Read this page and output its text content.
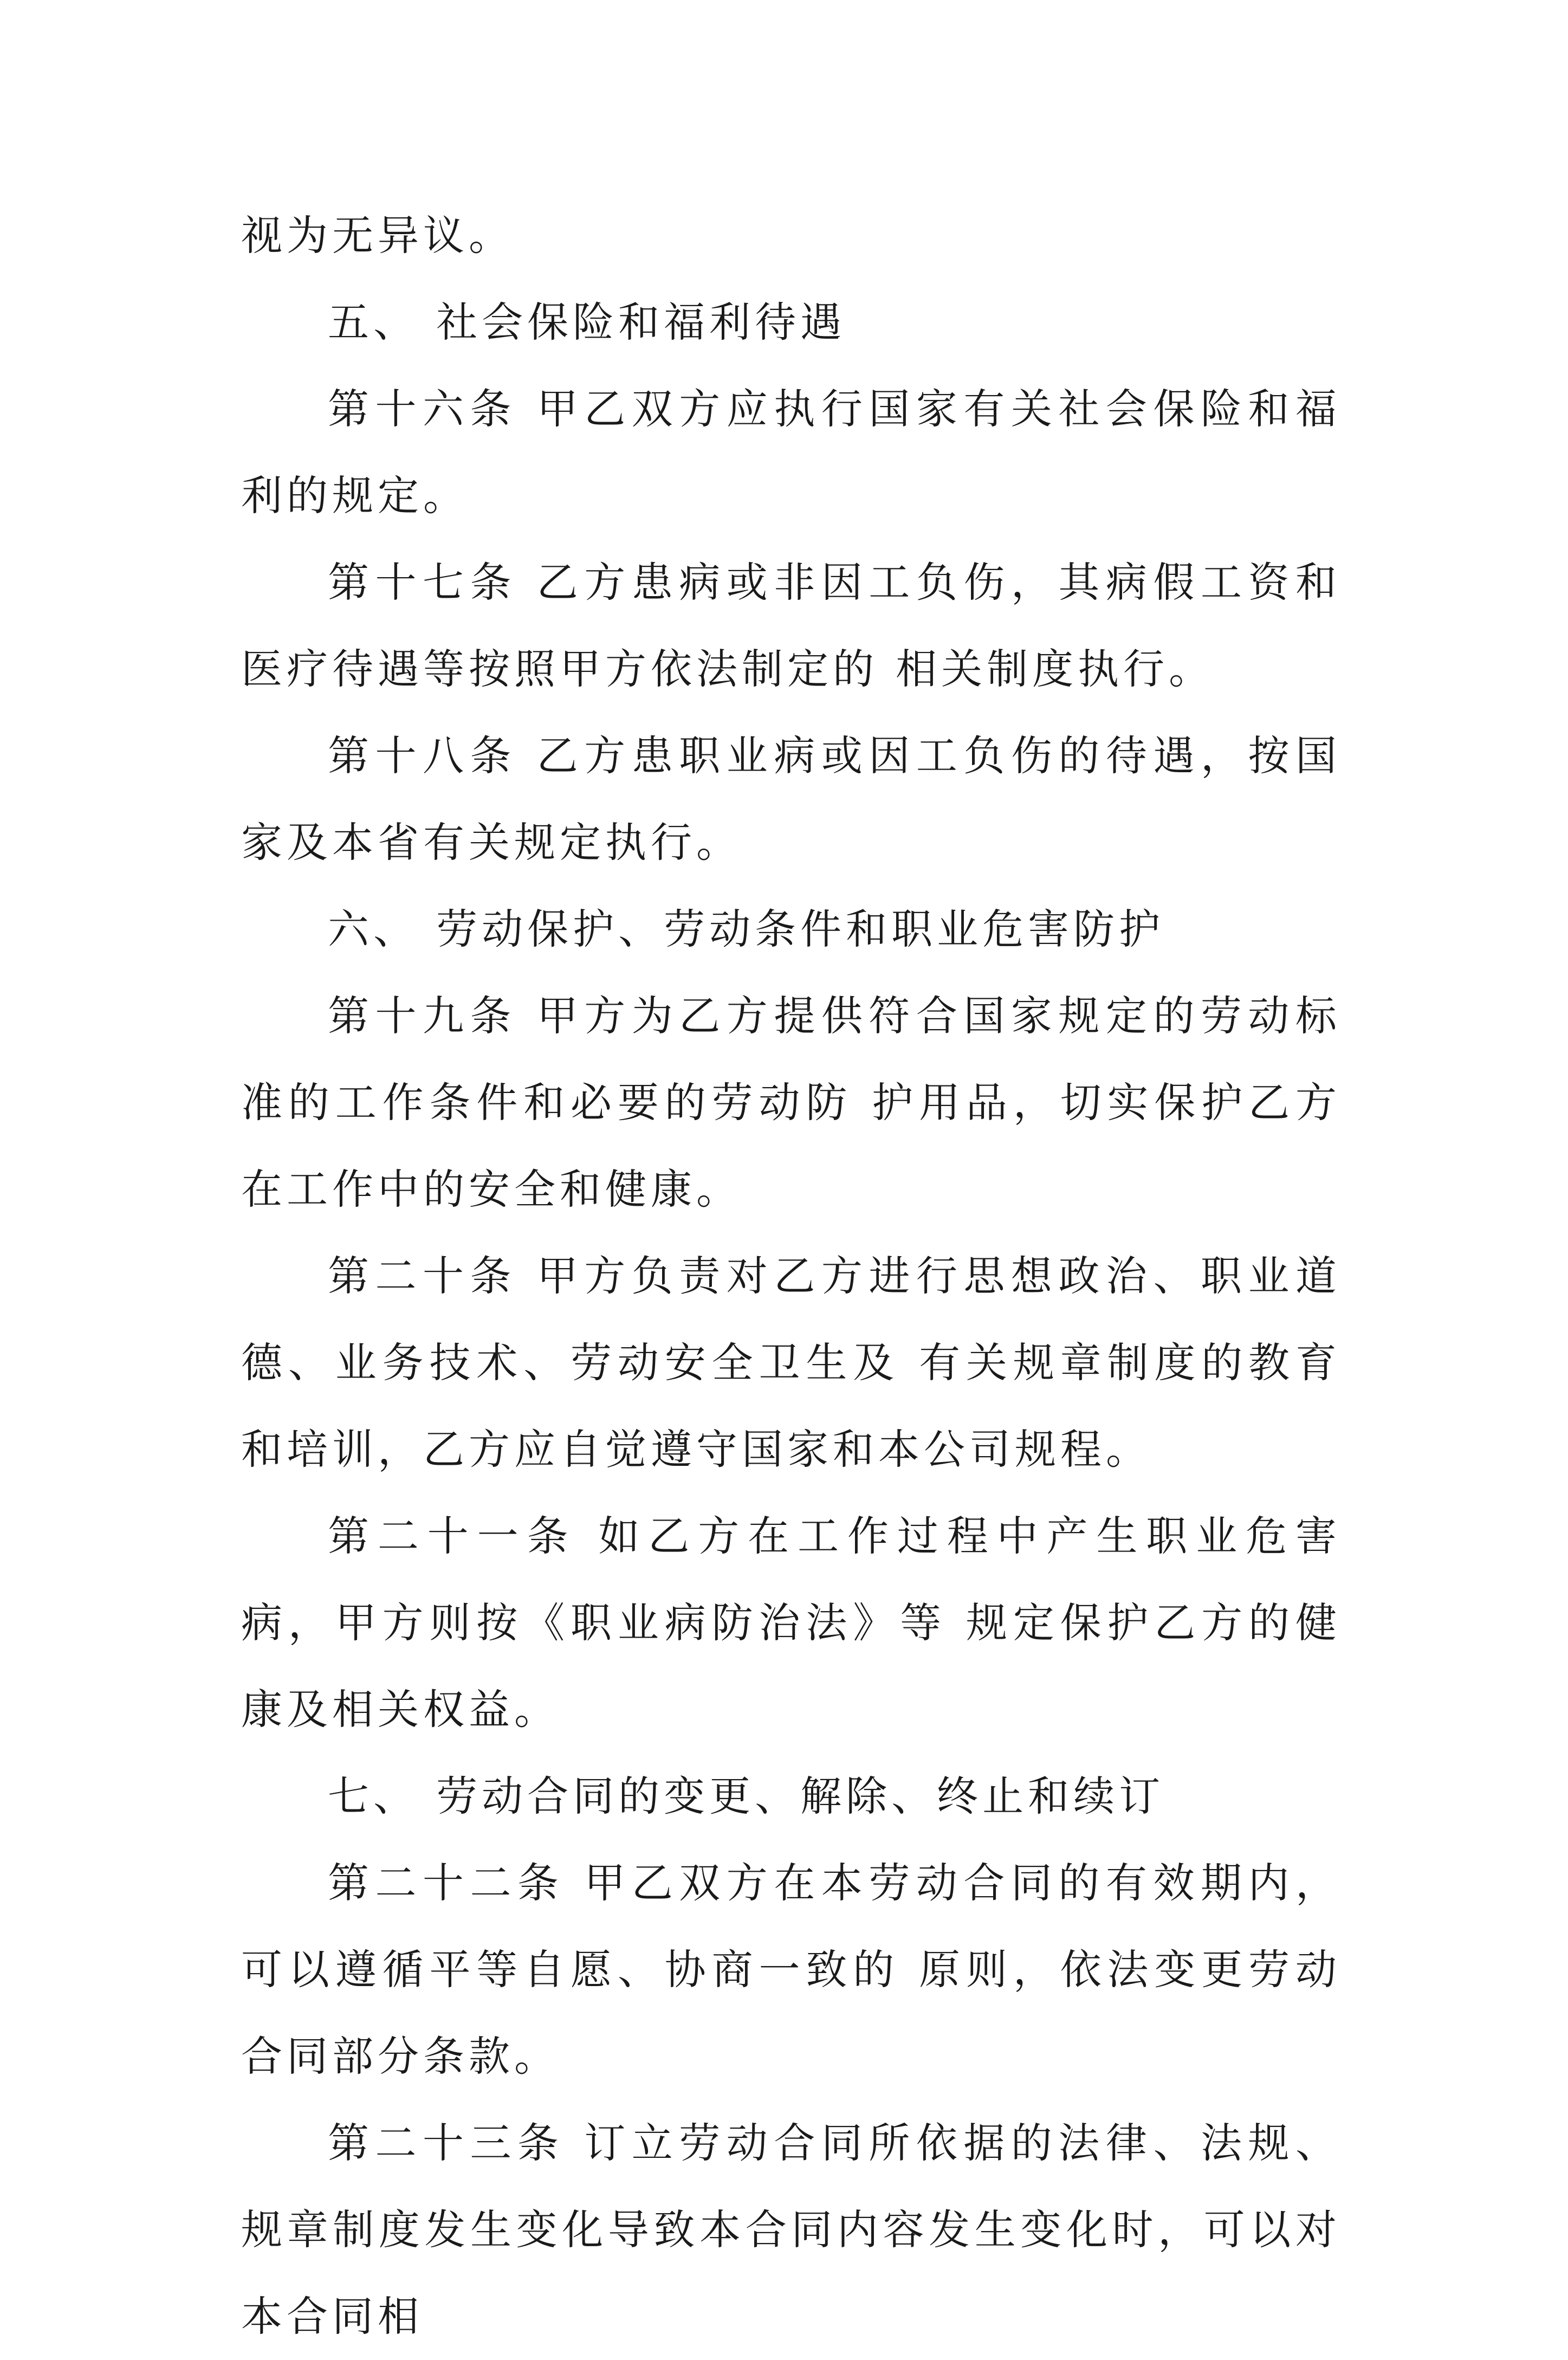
视为无异议。

五、 社会保险和福利待遇

第十六条 甲乙双方应执行国家有关社会保险和福利的规定。

第十七条 乙方患病或非因工负伤，其病假工资和医疗待遇等按照甲方依法制定的 相关制度执行。

第十八条 乙方患职业病或因工负伤的待遇，按国家及本省有关规定执行。

六、 劳动保护、劳动条件和职业危害防护

第十九条 甲方为乙方提供符合国家规定的劳动标准的工作条件和必要的劳动防 护用品，切实保护乙方在工作中的安全和健康。

第二十条 甲方负责对乙方进行思想政治、职业道德、业务技术、劳动安全卫生及 有关规章制度的教育和培训，乙方应自觉遵守国家和本公司规程。

第二十一条 如乙方在工作过程中产生职业危害病，甲方则按《职业病防治法》等 规定保护乙方的健康及相关权益。

七、 劳动合同的变更、解除、终止和续订

第二十二条 甲乙双方在本劳动合同的有效期内，可以遵循平等自愿、协商一致的 原则，依法变更劳动合同部分条款。

第二十三条 订立劳动合同所依据的法律、法规、规章制度发生变化导致本合同内容发生变化时，可以对本合同相
